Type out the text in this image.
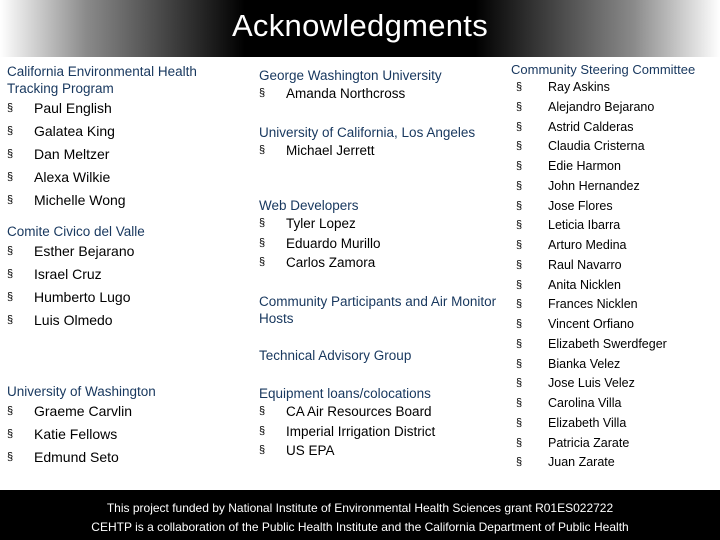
Acknowledgments
California Environmental Health Tracking Program
§ Paul English
§ Galatea King
§ Dan Meltzer
§ Alexa Wilkie
§ Michelle Wong
Comite Civico del Valle
§ Esther Bejarano
§ Israel Cruz
§ Humberto Lugo
§ Luis Olmedo
University of Washington
§ Graeme Carvlin
§ Katie Fellows
§ Edmund Seto
George Washington University
§ Amanda Northcross
University of California, Los Angeles
§ Michael Jerrett
Web Developers
§ Tyler Lopez
§ Eduardo Murillo
§ Carlos Zamora
Community Participants and Air Monitor Hosts
Technical Advisory Group
Equipment loans/colocations
§ CA Air Resources Board
§ Imperial Irrigation District
§ US EPA
Community Steering Committee
§ Ray Askins
§ Alejandro Bejarano
§ Astrid Calderas
§ Claudia Cristerna
§ Edie Harmon
§ John Hernandez
§ Jose Flores
§ Leticia Ibarra
§ Arturo Medina
§ Raul Navarro
§ Anita Nicklen
§ Frances Nicklen
§ Vincent Orfiano
§ Elizabeth Swerdfeger
§ Bianka Velez
§ Jose Luis Velez
§ Carolina Villa
§ Elizabeth Villa
§ Patricia Zarate
§ Juan Zarate
This project funded by National Institute of Environmental Health Sciences grant R01ES022722
CEHTP is a collaboration of the Public Health Institute and the California Department of Public Health
